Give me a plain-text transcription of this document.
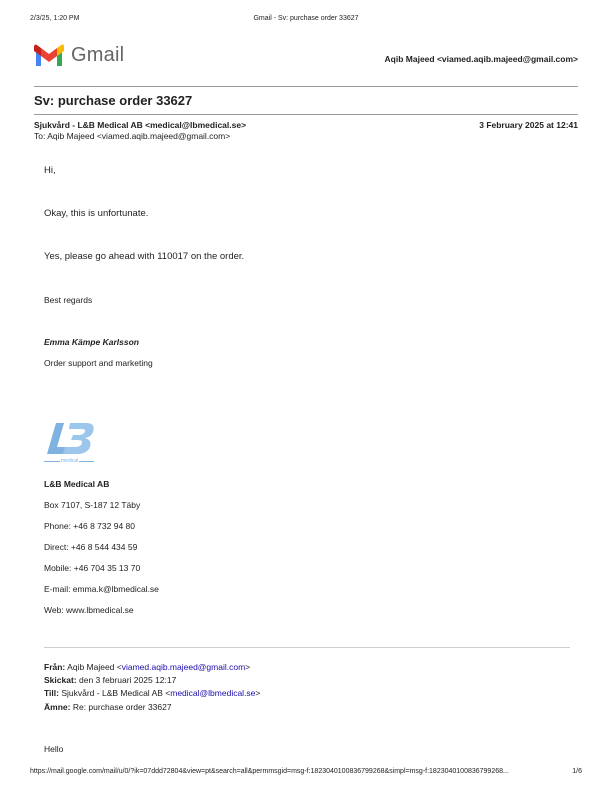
2/3/25, 1:20 PM	Gmail - Sv: purchase order 33627
Gmail	Aqib Majeed <viamed.aqib.majeed@gmail.com>
Sv: purchase order 33627
Sjukvård - L&B Medical AB <medical@lbmedical.se>	3 February 2025 at 12:41
To: Aqib Majeed <viamed.aqib.majeed@gmail.com>
Hi,
Okay, this is unfortunate.
Yes, please go ahead with 110017 on the order.
Best regards
Emma Kämpe Karlsson
Order support and marketing
medical
L&B Medical AB
Box 7107, S-187 12 Täby
Phone: +46 8 732 94 80
Direct: +46 8 544 434 59
Mobile: +46 704 35 13 70
E-mail: emma.k@lbmedical.se
Web: www.lbmedical.se
Från: Aqib Majeed <viamed.aqib.majeed@gmail.com>
Skickat: den 3 februari 2025 12:17
Till: Sjukvård - L&B Medical AB <medical@lbmedical.se>
Ämne: Re: purchase order 33627
Hello
https://mail.google.com/mail/u/0/?ik=07ddd72804&view=pt&search=all&permmsgid=msg-f:1823040100836799268&simpl=msg-f:1823040100836799268...	1/6
